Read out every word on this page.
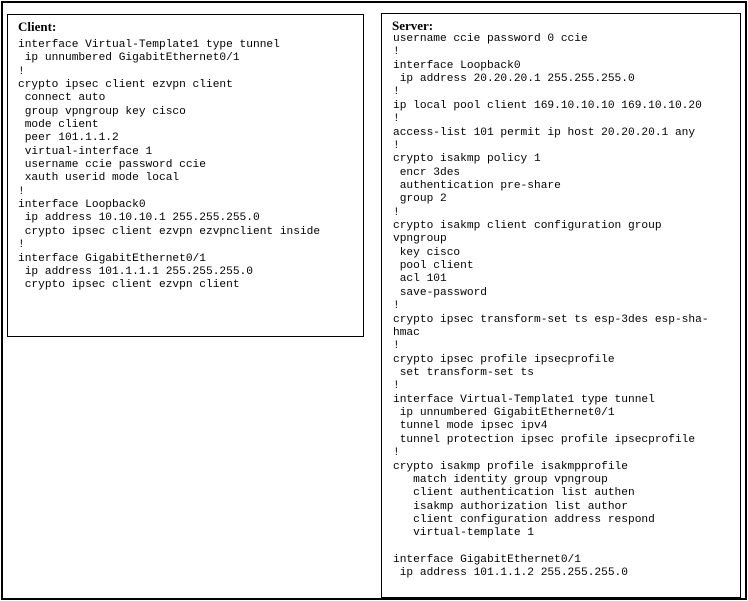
Client:
interface Virtual-Template1 type tunnel
ip unnumbered GigabitEthernet0/1
!
crypto ipsec client ezvpn client
connect auto
group vpngroup key cisco
mode client
peer 101.1.1.2
virtual-interface 1
username ccie password ccie
xauth userid mode local
!
interface Loopback0
ip address 10.10.10.1 255.255.255.0
crypto ipsec client ezvpn ezvpnclient inside
!
interface GigabitEthernet0/1
ip address 101.1.1.1 255.255.255.0
crypto ipsec client ezvpn client
Server:
username ccie password 0 ccie
!
interface Loopback0
ip address 20.20.20.1 255.255.255.0
!
ip local pool client 169.10.10.10 169.10.10.20
!
access-list 101 permit ip host 20.20.20.1 any
!
crypto isakmp policy 1
encr 3des
authentication pre-share
group 2
!
crypto isakmp client configuration group
vpngroup
key cisco
pool client
acl 101
save-password
!
crypto ipsec transform-set ts esp-3des esp-sha-
hmac
!
crypto ipsec profile ipsecprofile
set transform-set ts
!
interface Virtual-Template1 type tunnel
ip unnumbered GigabitEthernet0/1
tunnel mode ipsec ipv4
tunnel protection ipsec profile ipsecprofile
!
crypto isakmp profile isakmpprofile
match identity group vpngroup
client authentication list authen
isakmp authorization list author
client configuration address respond
virtual-template 1
interface GigabitEthernet0/1
ip address 101.1.1.2 255.255.255.0
